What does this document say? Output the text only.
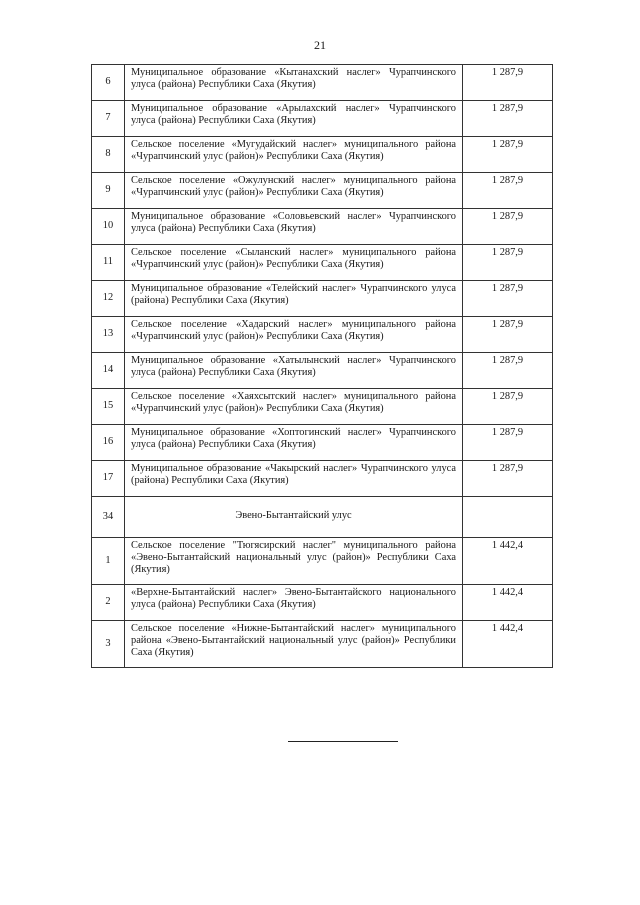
21
6	Муниципальное образование «Кытанахский наслег» Чурапчинского улуса (района) Республики Саха (Якутия)	1 287,9
7	Муниципальное образование «Арылахский наслег» Чурапчинского улуса (района) Республики Саха (Якутия)	1 287,9
8	Сельское поселение «Мугудайский наслег» муниципального района «Чурапчинский улус (район)» Республики Саха (Якутия)	1 287,9
9	Сельское поселение «Ожулунский наслег» муниципального района «Чурапчинский улус (район)» Республики Саха (Якутия)	1 287,9
10	Муниципальное образование «Соловьевский наслег» Чурапчинского улуса (района) Республики Саха (Якутия)	1 287,9
11	Сельское поселение «Сыланский наслег» муниципального района «Чурапчинский улус (район)» Республики Саха (Якутия)	1 287,9
12	Муниципальное образование «Телейский наслег» Чурапчинского улуса (района) Республики Саха (Якутия)	1 287,9
13	Сельское поселение «Хадарский наслег» муниципального района «Чурапчинский улус (район)» Республики Саха (Якутия)	1 287,9
14	Муниципальное образование «Хатылынский наслег» Чурапчинского улуса (района) Республики Саха (Якутия)	1 287,9
15	Сельское поселение «Хаяхсытский наслег» муниципального района «Чурапчинский улус (район)» Республики Саха (Якутия)	1 287,9
16	Муниципальное образование «Хоптогинский наслег» Чурапчинского улуса (района) Республики Саха (Якутия)	1 287,9
17	Муниципальное образование «Чакырский наслег» Чурапчинского улуса (района) Республики Саха (Якутия)	1 287,9
34	Эвено-Бытантайский улус	
1	Сельское поселение "Тюгясирский наслег" муниципального района «Эвено-Бытантайский национальный улус (район)» Республики Саха (Якутия)	1 442,4
2	«Верхне-Бытантайский наслег» Эвено-Бытантайского национального улуса (района) Республики Саха (Якутия)	1 442,4
3	Сельское поселение «Нижне-Бытантайский наслег» муниципального района «Эвено-Бытантайский национальный улус (район)» Республики Саха (Якутия)	1 442,4
